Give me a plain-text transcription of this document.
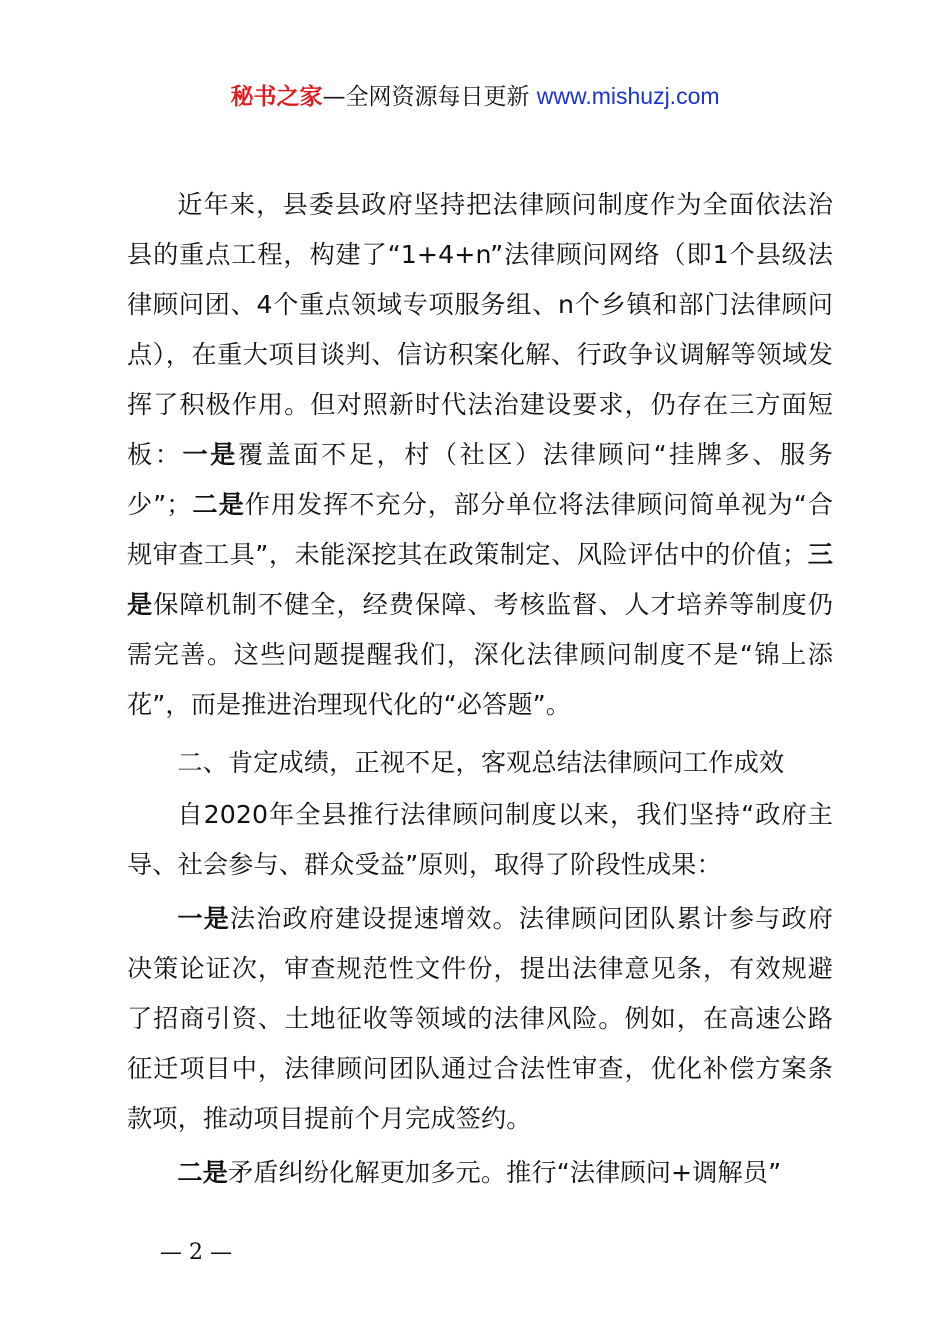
秘书之家—全网资源每日更新 www.mishuzj.com

近年来，县委县政府坚持把法律顾问制度作为全面依法治县的重点工程，构建了“1+4+n”法律顾问网络（即1个县级法律顾问团、4个重点领域专项服务组、n个乡镇和部门法律顾问点），在重大项目谈判、信访积案化解、行政争议调解等领域发挥了积极作用。但对照新时代法治建设要求，仍存在三方面短板：一是覆盖面不足，村（社区）法律顾问“挂牌多、服务少”；二是作用发挥不充分，部分单位将法律顾问简单视为“合规审查工具”，未能深挖其在政策制定、风险评估中的价值；三是保障机制不健全，经费保障、考核监督、人才培养等制度仍需完善。这些问题提醒我们，深化法律顾问制度不是“锦上添花”，而是推进治理现代化的“必答题”。

二、肯定成绩，正视不足，客观总结法律顾问工作成效

自2020年全县推行法律顾问制度以来，我们坚持“政府主导、社会参与、群众受益”原则，取得了阶段性成果：

一是法治政府建设提速增效。法律顾问团队累计参与政府决策论证次，审查规范性文件份，提出法律意见条，有效规避了招商引资、土地征收等领域的法律风险。例如，在高速公路征迁项目中，法律顾问团队通过合法性审查，优化补偿方案条款项，推动项目提前个月完成签约。

二是矛盾纠纷化解更加多元。推行“法律顾问+调解员”

— 2 —
